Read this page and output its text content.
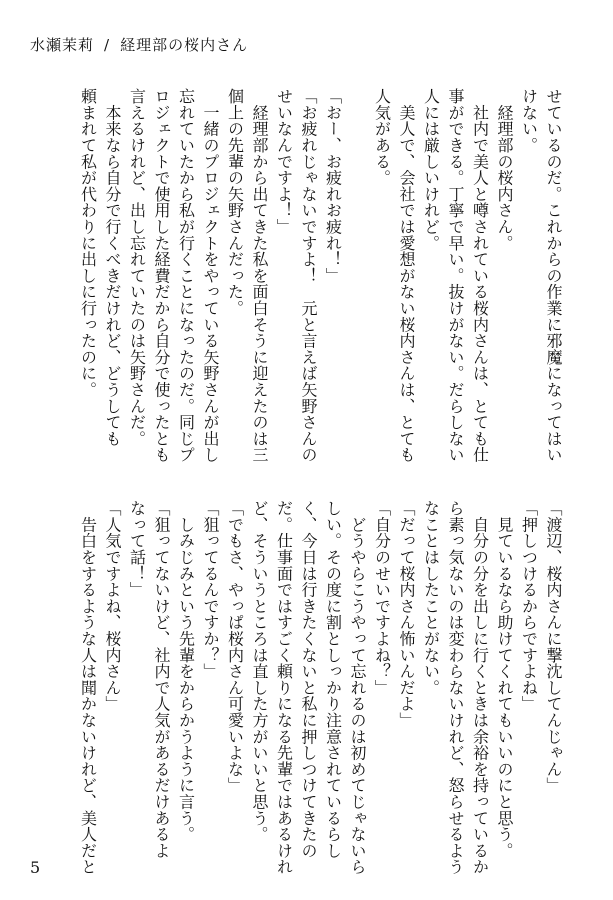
水瀬茉莉 / 経理部の桜内さん
せているのだ。これからの作業に邪魔になってはい
けない。
　経理部の桜内さん。
　社内で美人と噂されている桜内さんは、とても仕
事ができる。丁寧で早い。抜けがない。だらしない
人には厳しいけれど。
　美人で、会社では愛想がない桜内さんは、とても
人気がある。

「おー、お疲れお疲れ！」
「お疲れじゃないですよ！　元と言えば矢野さんの
せいなんですよ！」
　経理部から出てきた私を面白そうに迎えたのは三
個上の先輩の矢野さんだった。
　一緒のプロジェクトをやっている矢野さんが出し
忘れていたから私が行くことになったのだ。同じプ
ロジェクトで使用した経費だから自分で使ったとも
言えるけれど、出し忘れていたのは矢野さんだ。
　本来なら自分で行くべきだけれど、どうしても
頼まれて私が代わりに出しに行ったのに。
「渡辺、桜内さんに撃沈してんじゃん」
「押しつけるからですよね」
　見ているなら助けてくれてもいいのにと思う。
　自分の分を出しに行くときは余裕を持っているか
ら素っ気ないのは変わらないけれど、怒らせるよう
なことはしたことがない。
「だって桜内さん怖いんだよ」
「自分のせいですよね？」
　どうやらこうやって忘れるのは初めてじゃないら
しい。その度に割としっかり注意されているらし
く、今日は行きたくないと私に押しつけてきたの
だ。仕事面ではすごく頼りになる先輩ではあるけれ
ど、そういうところは直した方がいいと思う。
「でもさ、やっぱ桜内さん可愛いよな」
「狙ってるんですか？」
　しみじみという先輩をからかうように言う。
「狙ってないけど、社内で人気があるだけあるよ
なって話！」
「人気ですよね、桜内さん」
　告白をするような人は聞かないけれど、美人だと
5
